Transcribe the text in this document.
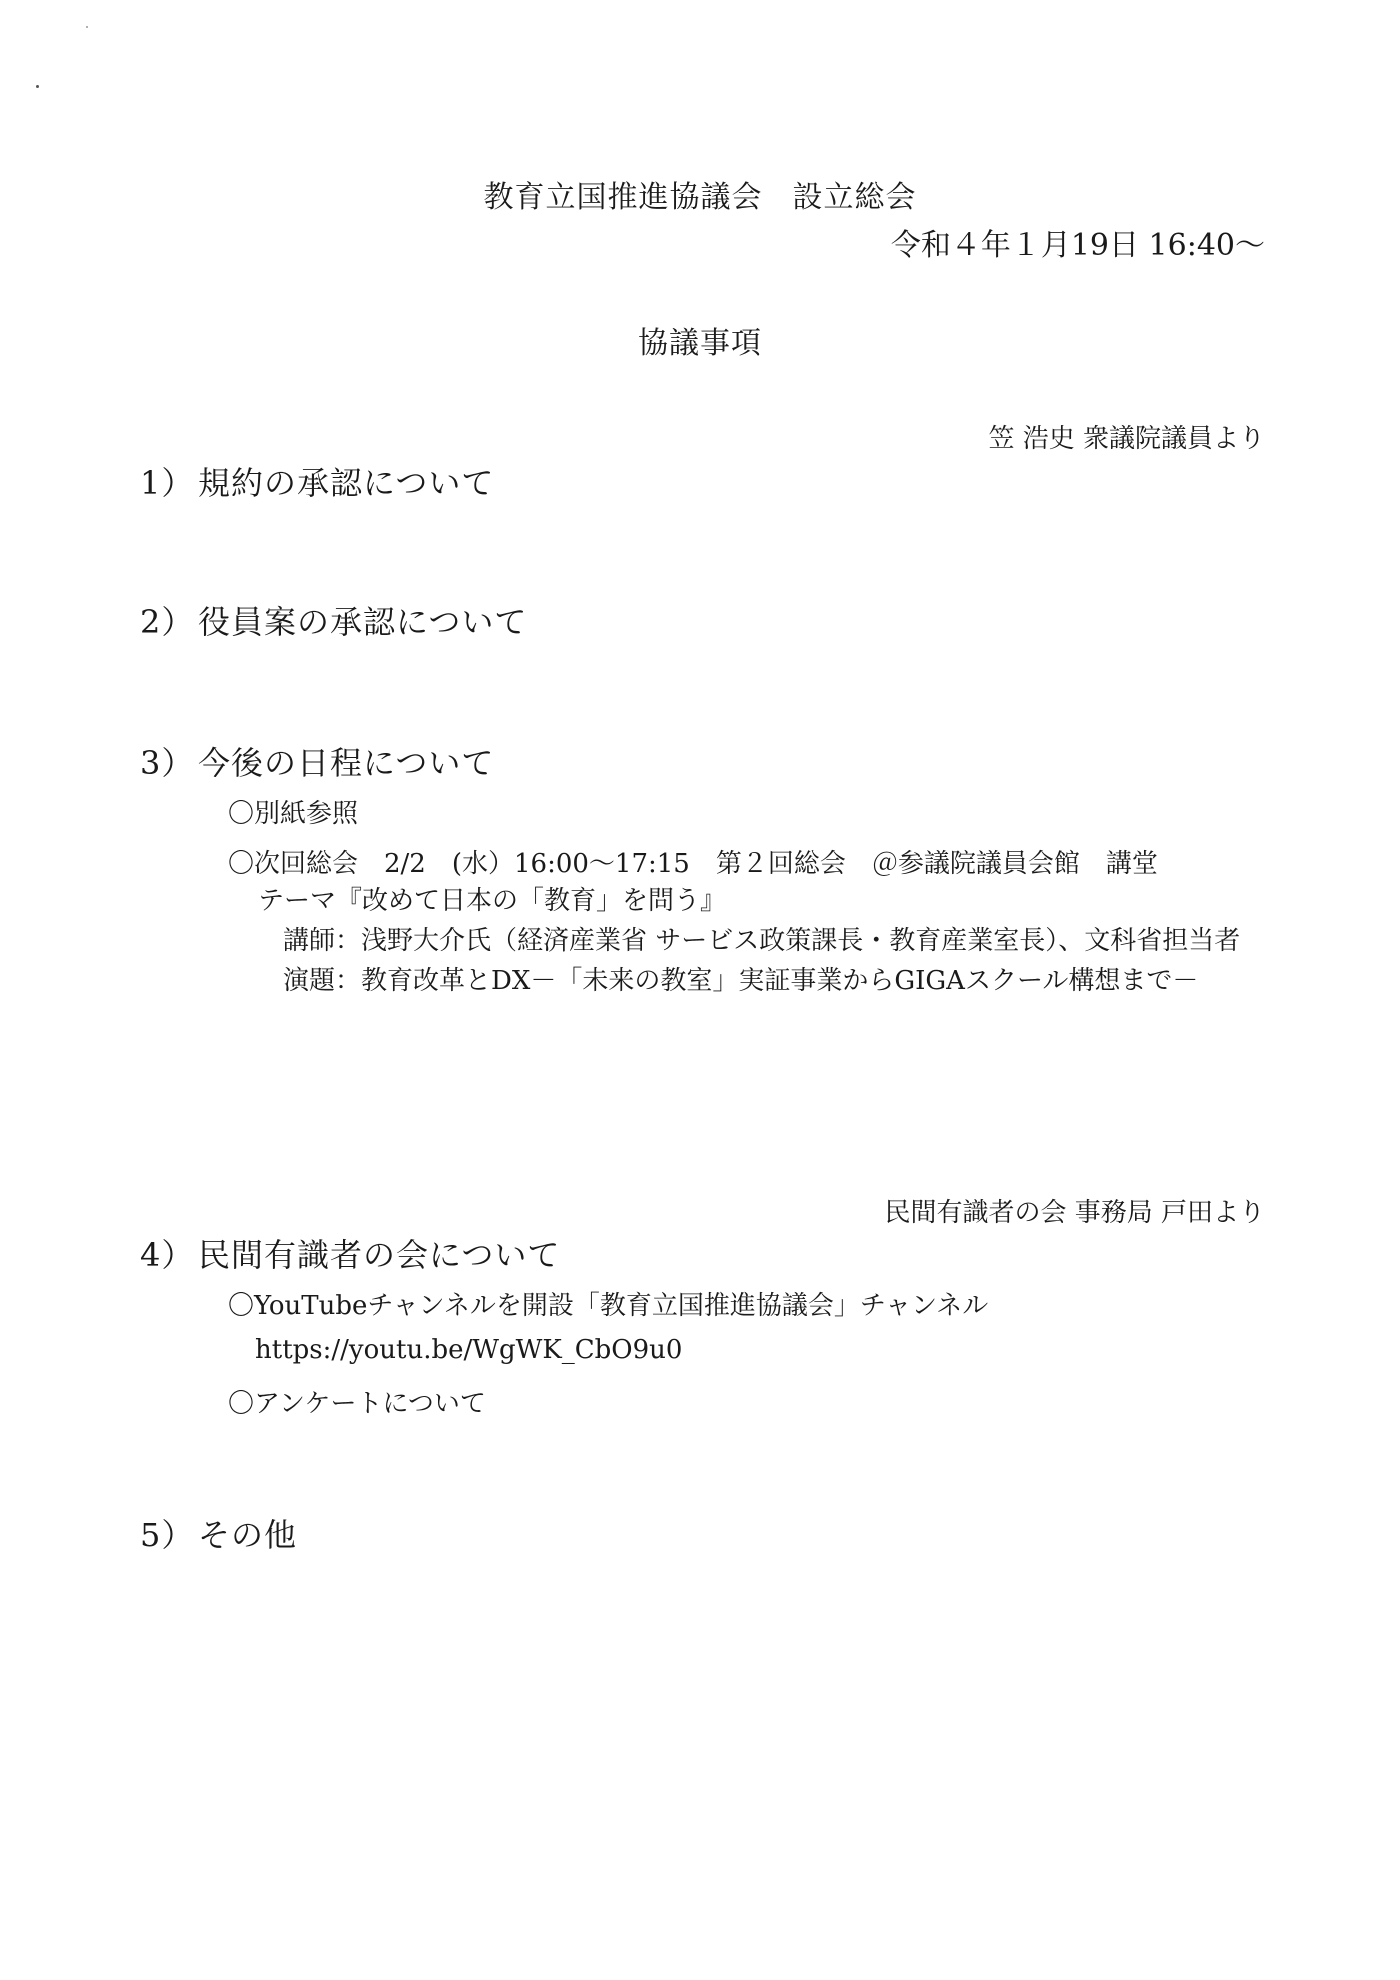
教育立国推進協議会 設立総会
令和４年１月19日 16:40～
協議事項
笠 浩史 衆議院議員より
1） 規約の承認について
2） 役員案の承認について
3） 今後の日程について
〇別紙参照
〇次回総会　2/2　(水）16:00～17:15　第２回総会　＠参議院議員会館　講堂
テーマ『改めて日本の「教育」を問う』
講師：浅野大介氏（経済産業省 サービス政策課長・教育産業室長）、文科省担当者
演題：教育改革とDX－「未来の教室」実証事業からGIGAスクール構想まで－
民間有識者の会 事務局 戸田より
4） 民間有識者の会について
〇YouTubeチャンネルを開設「教育立国推進協議会」チャンネル
https://youtu.be/WgWK_CbO9u0
〇アンケートについて
5） その他
